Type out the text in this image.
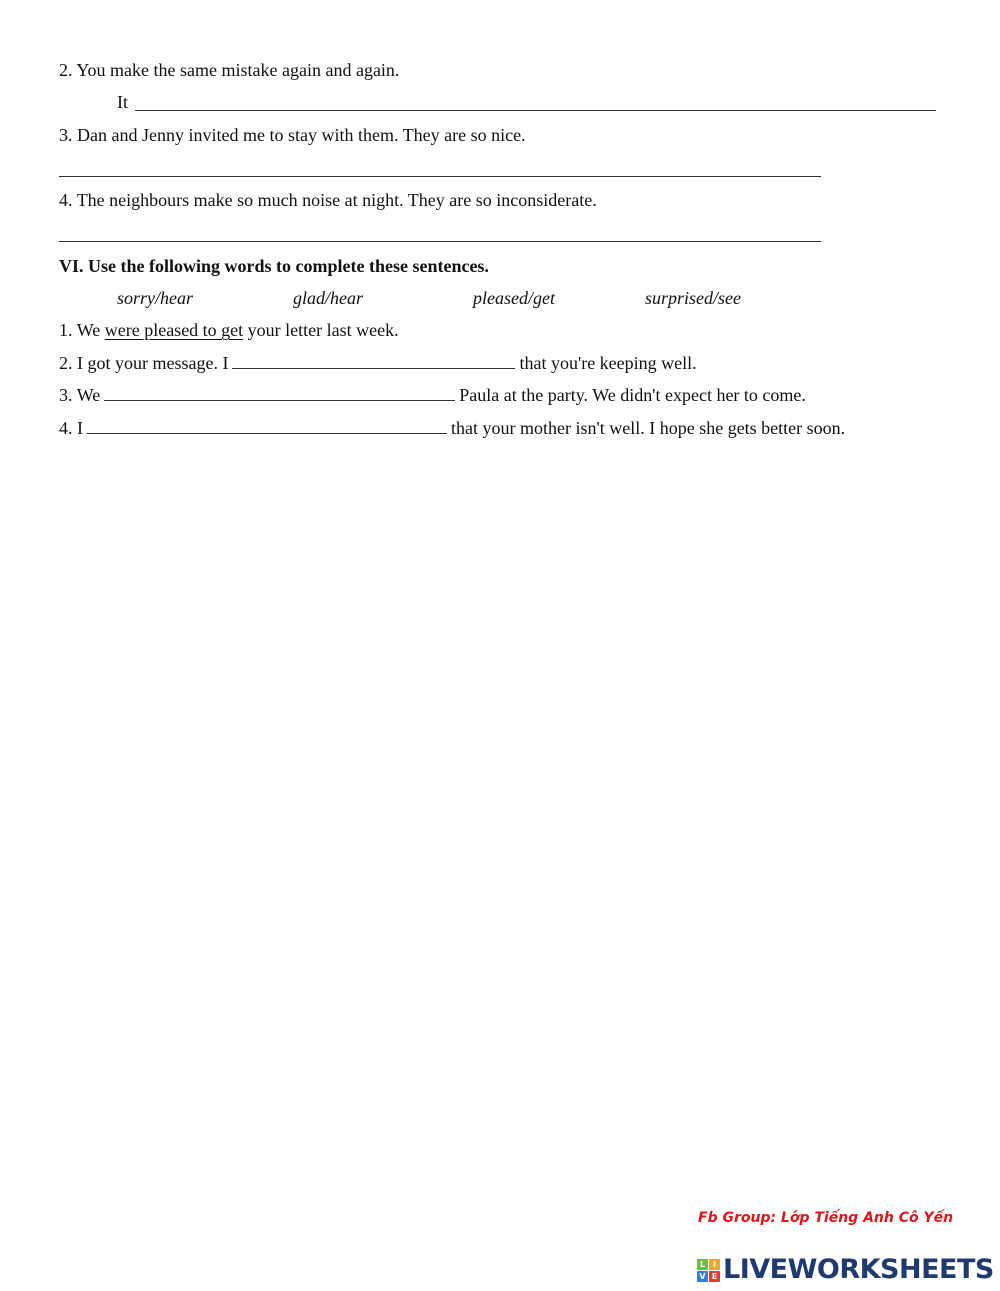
2. You make the same mistake again and again.
It
3. Dan and Jenny invited me to stay with them. They are so nice.
4. The neighbours make so much noise at night. They are so inconsiderate.
VI. Use the following words to complete these sentences.
sorry/hear	glad/hear	pleased/get	surprised/see
1. We were pleased to get your letter last week.
2. I got your message. I	that you're keeping well.
3. We	Paula at the party. We didn't expect her to come.
4. I	that your mother isn't well. I hope she gets better soon.
Fb Group: Lớp Tiếng Anh Cô Yến
L I
V E LIVEWORKSHEETS
